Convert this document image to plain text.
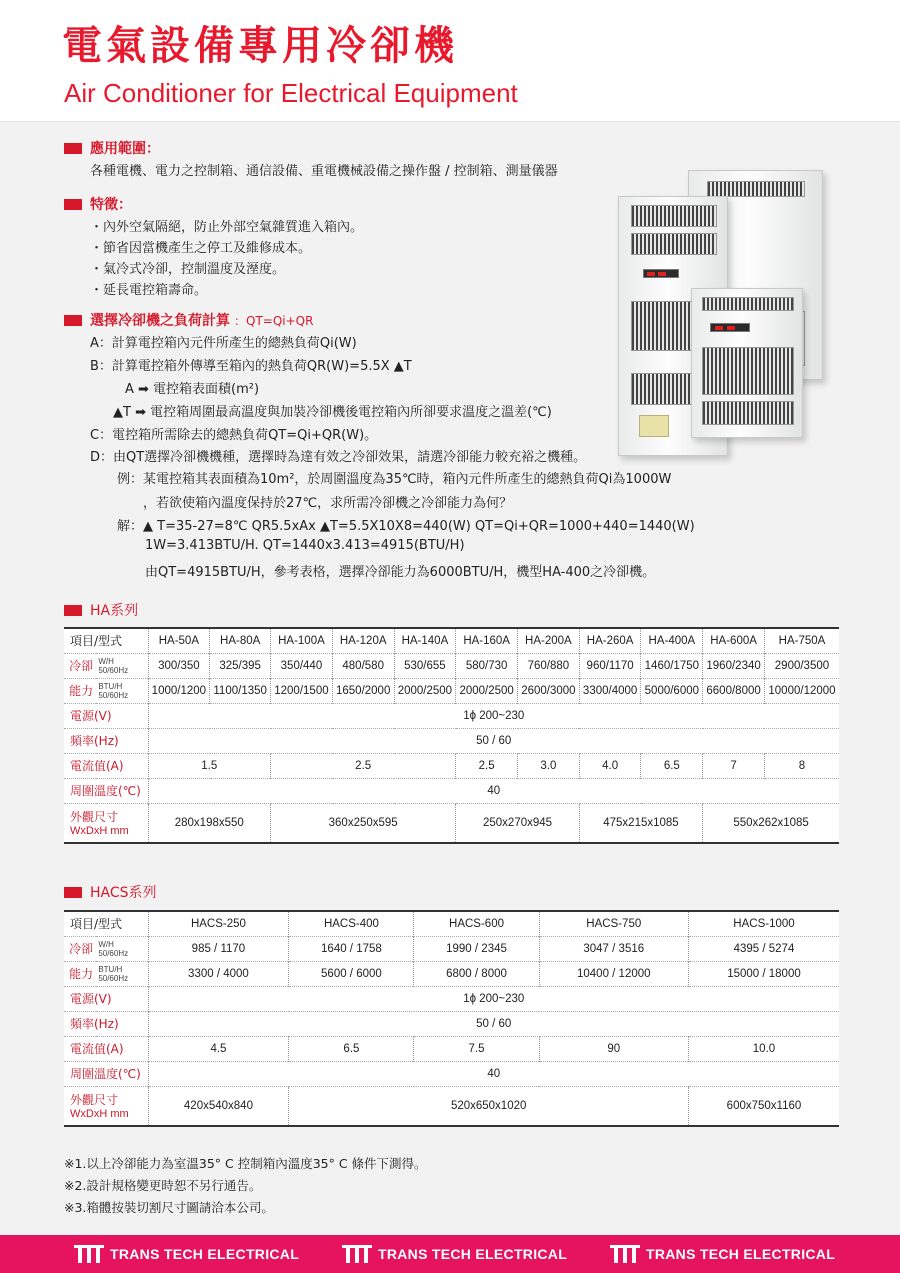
電氣設備專用冷卻機
Air Conditioner for Electrical Equipment
應用範圍：
各種電機、電力之控制箱、通信設備、重電機械設備之操作盤 / 控制箱、測量儀器
特徵：
・內外空氣隔絕，防止外部空氣雜質進入箱內。
・節省因當機產生之停工及維修成本。
・氣冷式冷卻，控制溫度及溼度。
・延長電控箱壽命。
選擇冷卻機之負荷計算 ：QT=Qi+QR
A：計算電控箱內元件所產生的總熱負荷Qi(W)
B：計算電控箱外傳導至箱內的熱負荷QR(W)=5.5X ▲T
A ➡ 電控箱表面積(m²)
▲T ➡ 電控箱周圍最高溫度與加裝冷卻機後電控箱內所卻要求溫度之溫差(℃)
C：電控箱所需除去的總熱負荷QT=Qi+QR(W)。
D：由QT選擇冷卻機機種，選擇時為達有效之冷卻效果，請選冷卻能力較充裕之機種。
例：某電控箱其表面積為10m²，於周圍溫度為35℃時，箱內元件所產生的總熱負荷Qi為1000W
，若欲使箱內溫度保持於27℃，求所需冷卻機之冷卻能力為何？
解：▲ T=35-27=8℃ QR5.5xAx ▲T=5.5X10X8=440(W) QT=Qi+QR=1000+440=1440(W)
1W=3.413BTU/H. QT=1440x3.413=4915(BTU/H)
由QT=4915BTU/H，參考表格，選擇冷卻能力為6000BTU/H，機型HA-400之冷卻機。
HA系列
項目/型式		HA-50A	HA-80A	HA-100A	HA-120A	HA-140A	HA-160A	HA-200A	HA-260A	HA-400A	HA-600A	HA-750A
冷卻	W/H
50/60Hz	300/350	325/395	350/440	480/580	530/655	580/730	760/880	960/1170	1460/1750	1960/2340	2900/3500
能力	BTU/H
50/60Hz	1000/1200	1100/1350	1200/1500	1650/2000	2000/2500	2000/2500	2600/3000	3300/4000	5000/6000	6600/8000	10000/12000
電源(V)		1ϕ 200~230										
頻率(Hz)		50 / 60										
電流值(A)		1.5		2.5			2.5	3.0	4.0	6.5	7	8
周圍溫度(℃)		40										
外觀尺寸
WxDxH mm		280x198x550		360x250x595			250x270x945		475x215x1085		550x262x1085	
HACS系列
項目/型式		HACS-250	HACS-400	HACS-600	HACS-750	HACS-1000
冷卻	W/H
50/60Hz	985 / 1170	1640 / 1758	1990 / 2345	3047 / 3516	4395 / 5274
能力	BTU/H
50/60Hz	3300 / 4000	5600 / 6000	6800 / 8000	10400 / 12000	15000 / 18000
電源(V)		1ϕ 200~230				
頻率(Hz)		50 / 60				
電流值(A)		4.5	6.5	7.5	90	10.0
周圍溫度(℃)		40				
外觀尺寸
WxDxH mm		420x540x840	520x650x1020			600x750x1160
※1.以上冷卻能力為室溫35° C 控制箱內溫度35° C 條件下測得。
※2.設計規格變更時恕不另行通告。
※3.箱體按裝切割尺寸圖請洽本公司。
TRANS TECH ELECTRICAL	TRANS TECH ELECTRICAL	TRANS TECH ELECTRICAL
